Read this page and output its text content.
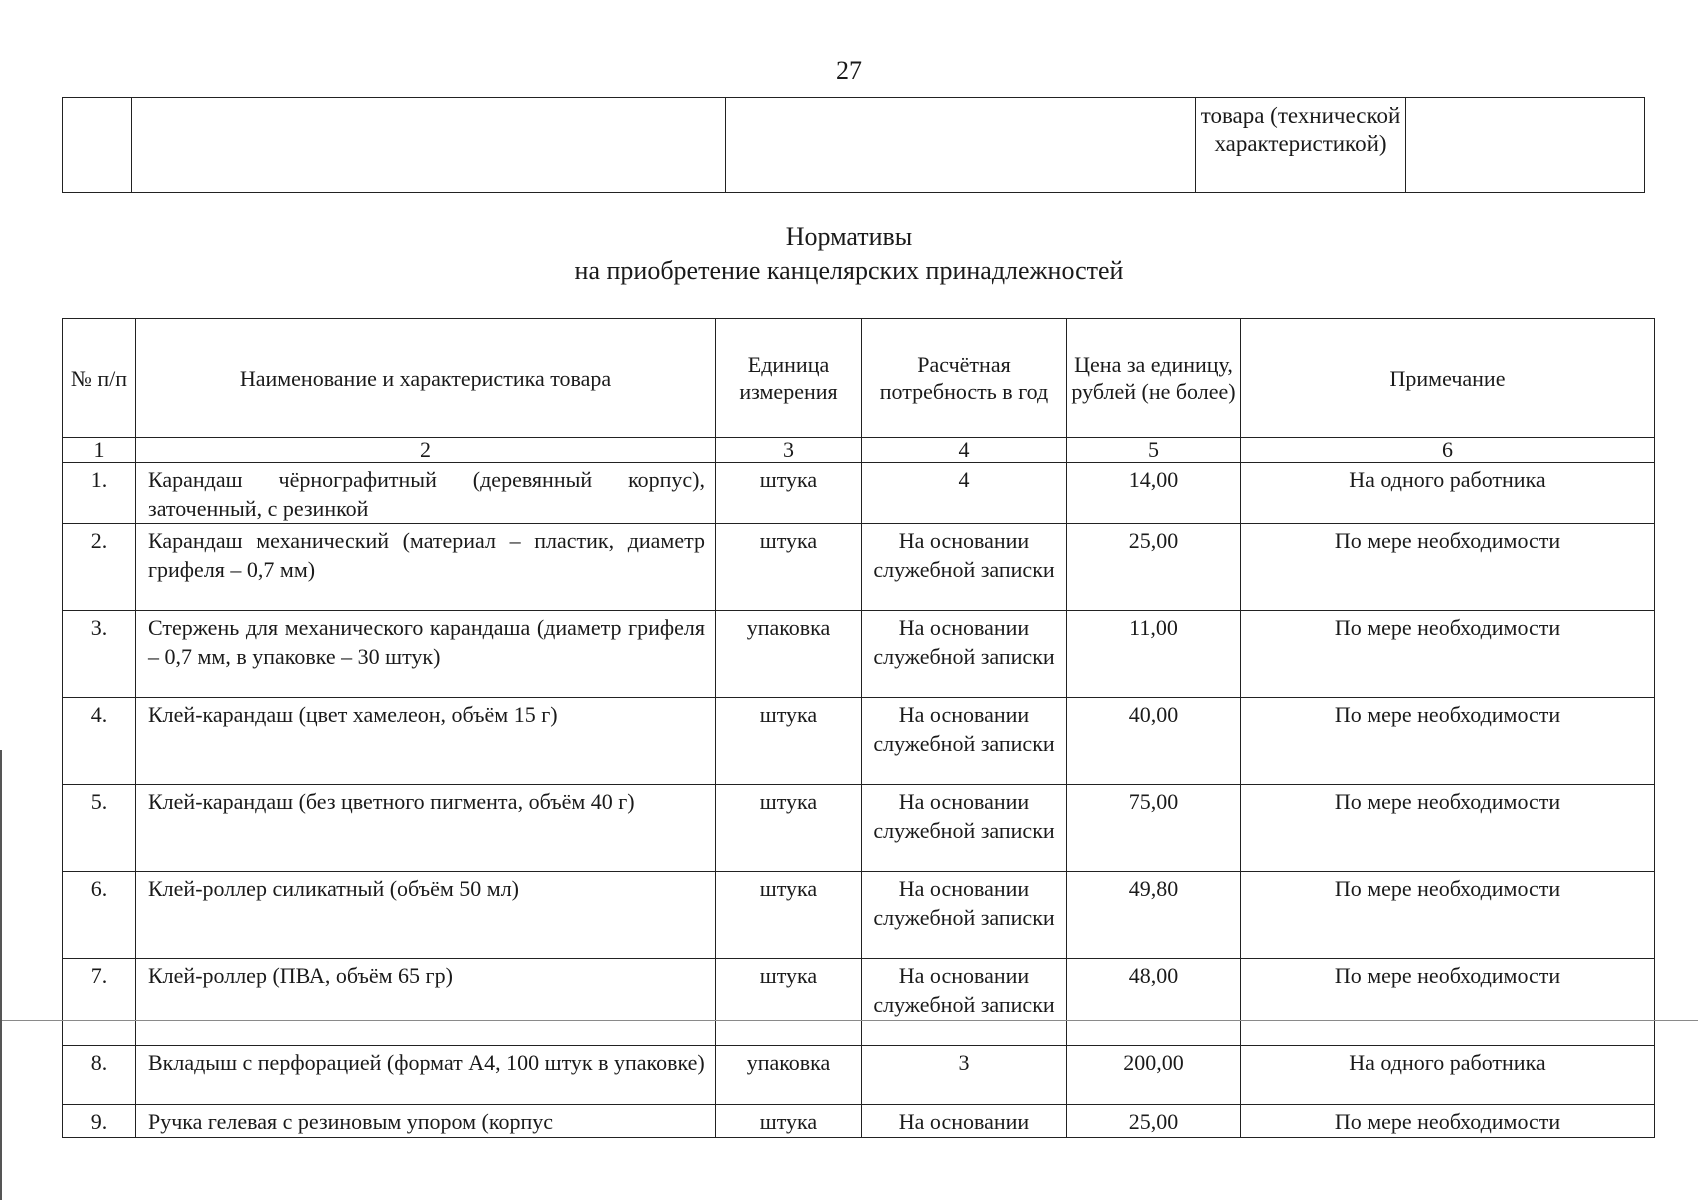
27
			товара (технической характеристикой)	
Нормативы
на приобретение канцелярских принадлежностей
№ п/п	Наименование и характеристика товара	Единица измерения	Расчётная потребность в год	Цена за единицу, рублей (не более)	Примечание
1	2	3	4	5	6
1.	Карандаш чёрнографитный (деревянный корпус), заточенный, с резинкой	штука	4	14,00	На одного работника
2.	Карандаш механический (материал – пластик, диаметр грифеля – 0,7 мм)	штука	На основании служебной записки	25,00	По мере необходимости
3.	Стержень для механического карандаша (диаметр грифеля – 0,7 мм, в упаковке – 30 штук)	упаковка	На основании служебной записки	11,00	По мере необходимости
4.	Клей-карандаш (цвет хамелеон, объём 15 г)	штука	На основании служебной записки	40,00	По мере необходимости
5.	Клей-карандаш (без цветного пигмента, объём 40 г)	штука	На основании служебной записки	75,00	По мере необходимости
6.	Клей-роллер силикатный (объём 50 мл)	штука	На основании служебной записки	49,80	По мере необходимости
7.	Клей-роллер (ПВА, объём 65 гр)	штука	На основании служебной записки	48,00	По мере необходимости
8.	Вкладыш с перфорацией (формат А4, 100 штук в упаковке)	упаковка	3	200,00	На одного работника
9.	Ручка гелевая с резиновым упором (корпус	штука	На основании	25,00	По мере необходимости
